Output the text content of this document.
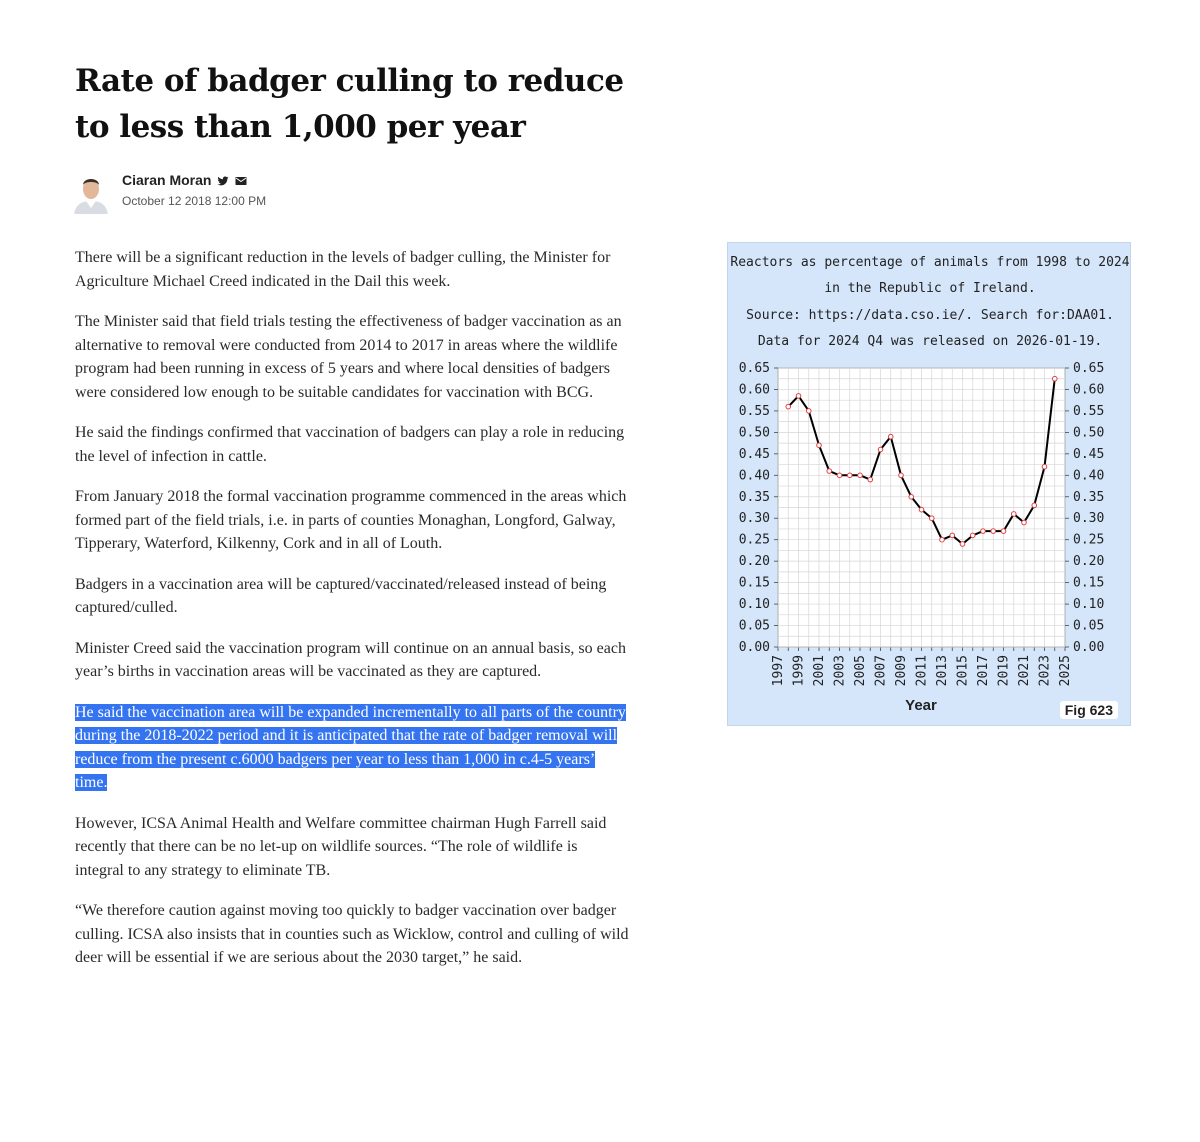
Rate of badger culling to reduce to less than 1,000 per year
Ciaran Moran
October 12 2018 12:00 PM

There will be a significant reduction in the levels of badger culling, the Minister for Agriculture Michael Creed indicated in the Dail this week.

The Minister said that field trials testing the effectiveness of badger vaccination as an alternative to removal were conducted from 2014 to 2017 in areas where the wildlife program had been running in excess of 5 years and where local densities of badgers were considered low enough to be suitable candidates for vaccination with BCG.

He said the findings confirmed that vaccination of badgers can play a role in reducing the level of infection in cattle.

From January 2018 the formal vaccination programme commenced in the areas which formed part of the field trials, i.e. in parts of counties Monaghan, Longford, Galway, Tipperary, Waterford, Kilkenny, Cork and in all of Louth.

Badgers in a vaccination area will be captured/vaccinated/released instead of being captured/culled.

Minister Creed said the vaccination program will continue on an annual basis, so each year’s births in vaccination areas will be vaccinated as they are captured.

He said the vaccination area will be expanded incrementally to all parts of the country during the 2018-2022 period and it is anticipated that the rate of badger removal will reduce from the present c.6000 badgers per year to less than 1,000 in c.4-5 years’ time.

However, ICSA Animal Health and Welfare committee chairman Hugh Farrell said recently that there can be no let-up on wildlife sources. “The role of wildlife is integral to any strategy to eliminate TB.

“We therefore caution against moving too quickly to badger vaccination over badger culling. ICSA also insists that in counties such as Wicklow, control and culling of wild deer will be essential if we are serious about the 2030 target,” he said.

Reactors as percentage of animals from 1998 to 2024
in the Republic of Ireland.
Source: https://data.cso.ie/. Search for:DAA01.
Data for 2024 Q4 was released on 2026-01-19.
0.00	0.00
0.05	0.05
0.10	0.10
0.15	0.15
0.20	0.20
0.25	0.25
0.30	0.30
0.35	0.35
0.40	0.40
0.45	0.45
0.50	0.50
0.55	0.55
0.60	0.60
0.65	0.65
1997 1999 2001 2003 2005 2007 2009 2011 2013 2015 2017 2019 2021 2023 2025
Fig 623
Year
